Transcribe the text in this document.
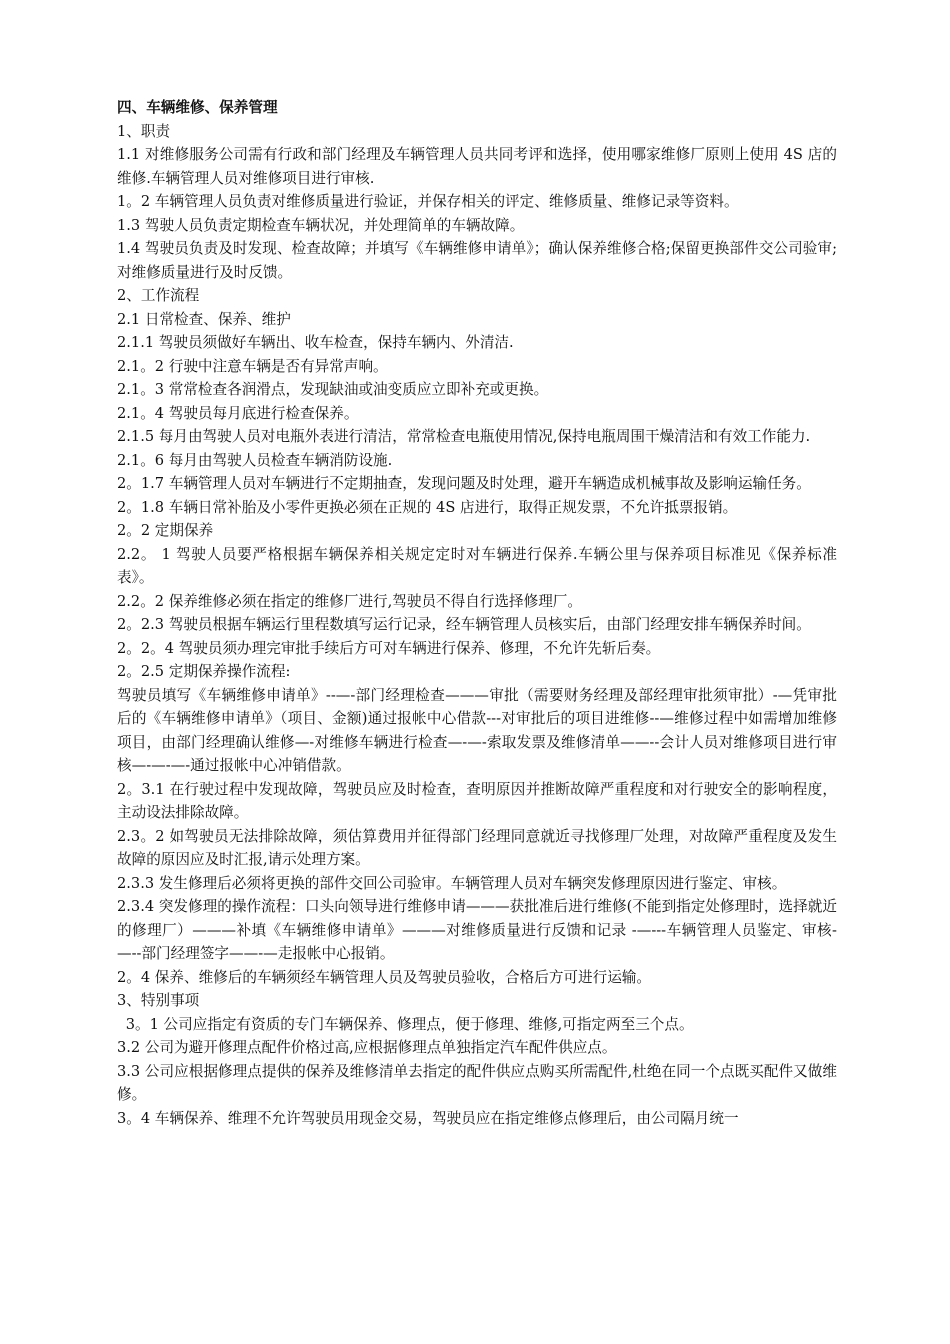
四、车辆维修、保养管理

1、职责

1.1 对维修服务公司需有行政和部门经理及车辆管理人员共同考评和选择，使用哪家维修厂原则上使用 4S 店的维修.车辆管理人员对维修项目进行审核.

1。2 车辆管理人员负责对维修质量进行验证，并保存相关的评定、维修质量、维修记录等资料。

1.3 驾驶人员负责定期检查车辆状况，并处理简单的车辆故障。

1.4 驾驶员负责及时发现、检查故障；并填写《车辆维修申请单》；确认保养维修合格;保留更换部件交公司验审;对维修质量进行及时反馈。

2、工作流程

2.1 日常检查、保养、维护

2.1.1 驾驶员须做好车辆出、收车检查，保持车辆内、外清洁.

2.1。2 行驶中注意车辆是否有异常声响。

2.1。3 常常检查各润滑点，发现缺油或油变质应立即补充或更换。

2.1。4 驾驶员每月底进行检查保养。

2.1.5 每月由驾驶人员对电瓶外表进行清洁，常常检查电瓶使用情况,保持电瓶周围干燥清洁和有效工作能力.

2.1。6 每月由驾驶人员检查车辆消防设施.

2。1.7 车辆管理人员对车辆进行不定期抽查，发现问题及时处理，避开车辆造成机械事故及影响运输任务。

2。1.8 车辆日常补胎及小零件更换必须在正规的 4S 店进行，取得正规发票，不允许抵票报销。

2。2 定期保养

2.2。 1 驾驶人员要严格根据车辆保养相关规定定时对车辆进行保养.车辆公里与保养项目标准见《保养标准表》。

2.2。2 保养维修必须在指定的维修厂进行,驾驶员不得自行选择修理厂。

2。2.3 驾驶员根据车辆运行里程数填写运行记录，经车辆管理人员核实后，由部门经理安排车辆保养时间。

2。2。4 驾驶员须办理完审批手续后方可对车辆进行保养、修理，不允许先斩后奏。

2。2.5 定期保养操作流程:

驾驶员填写《车辆维修申请单》--—-部门经理检查———审批（需要财务经理及部经理审批须审批）-—凭审批后的《车辆维修申请单》（项目、金额)通过报帐中心借款---对审批后的项目进维修--—维修过程中如需增加维修项目，由部门经理确认维修—-对维修车辆进行检查—-—-索取发票及维修清单——--会计人员对维修项目进行审核—-—-—-通过报帐中心冲销借款。

2。3.1 在行驶过程中发现故障，驾驶员应及时检查，查明原因并推断故障严重程度和对行驶安全的影响程度，主动设法排除故障。

2.3。2 如驾驶员无法排除故障，须估算费用并征得部门经理同意就近寻找修理厂处理，对故障严重程度及发生故障的原因应及时汇报,请示处理方案。

2.3.3 发生修理后必须将更换的部件交回公司验审。车辆管理人员对车辆突发修理原因进行鉴定、审核。

2.3.4 突发修理的操作流程：口头向领导进行维修申请———获批准后进行维修(不能到指定处修理时，选择就近的修理厂）———补填《车辆维修申请单》———对维修质量进行反馈和记录 -—---车辆管理人员鉴定、审核-—--部门经理签字——-—走报帐中心报销。

2。4 保养、维修后的车辆须经车辆管理人员及驾驶员验收，合格后方可进行运输。

3、特别事项

3。1 公司应指定有资质的专门车辆保养、修理点，便于修理、维修,可指定两至三个点。

3.2 公司为避开修理点配件价格过高,应根据修理点单独指定汽车配件供应点。

3.3 公司应根据修理点提供的保养及维修清单去指定的配件供应点购买所需配件,杜绝在同一个点既买配件又做维修。

3。4 车辆保养、维理不允许驾驶员用现金交易，驾驶员应在指定维修点修理后，由公司隔月统一
